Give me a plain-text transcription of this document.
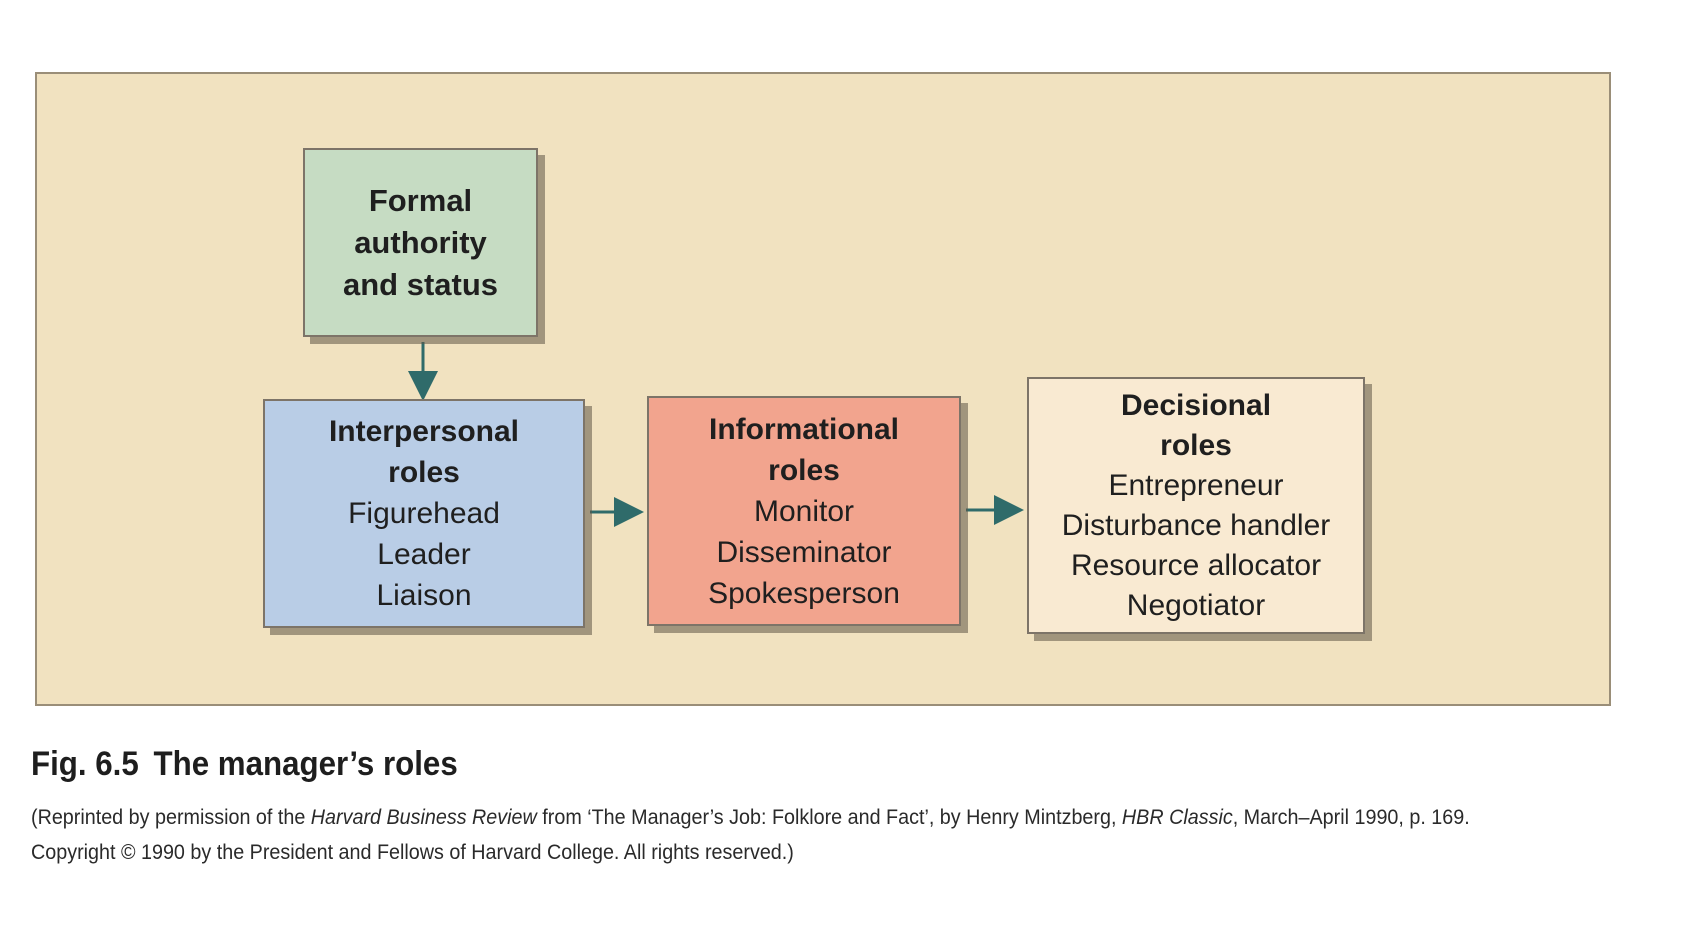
Formal
authority
and status
Interpersonal
roles
Figurehead
Leader
Liaison
Informational
roles
Monitor
Disseminator
Spokesperson
Decisional
roles
Entrepreneur
Disturbance handler
Resource allocator
Negotiator
Fig. 6.5 The manager’s roles

(Reprinted by permission of the Harvard Business Review from ‘The Manager’s Job: Folklore and Fact’, by Henry Mintzberg, HBR Classic, March–April 1990, p. 169.
Copyright © 1990 by the President and Fellows of Harvard College. All rights reserved.)
